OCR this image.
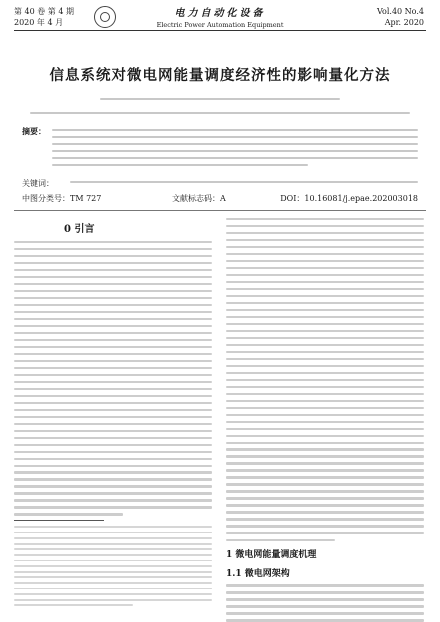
第 40 卷 第 4 期
2020 年 4 月
电力自动化设备
Electric Power Automation Equipment
Vol.40 No.4
Apr. 2020
信息系统对微电网能量调度经济性的影响量化方法
摘要：
关键词：
中图分类号：TM 727	文献标志码：A	DOI：10.16081/j.epae.202003018
0 引言
1 微电网能量调度机理
1.1 微电网架构
